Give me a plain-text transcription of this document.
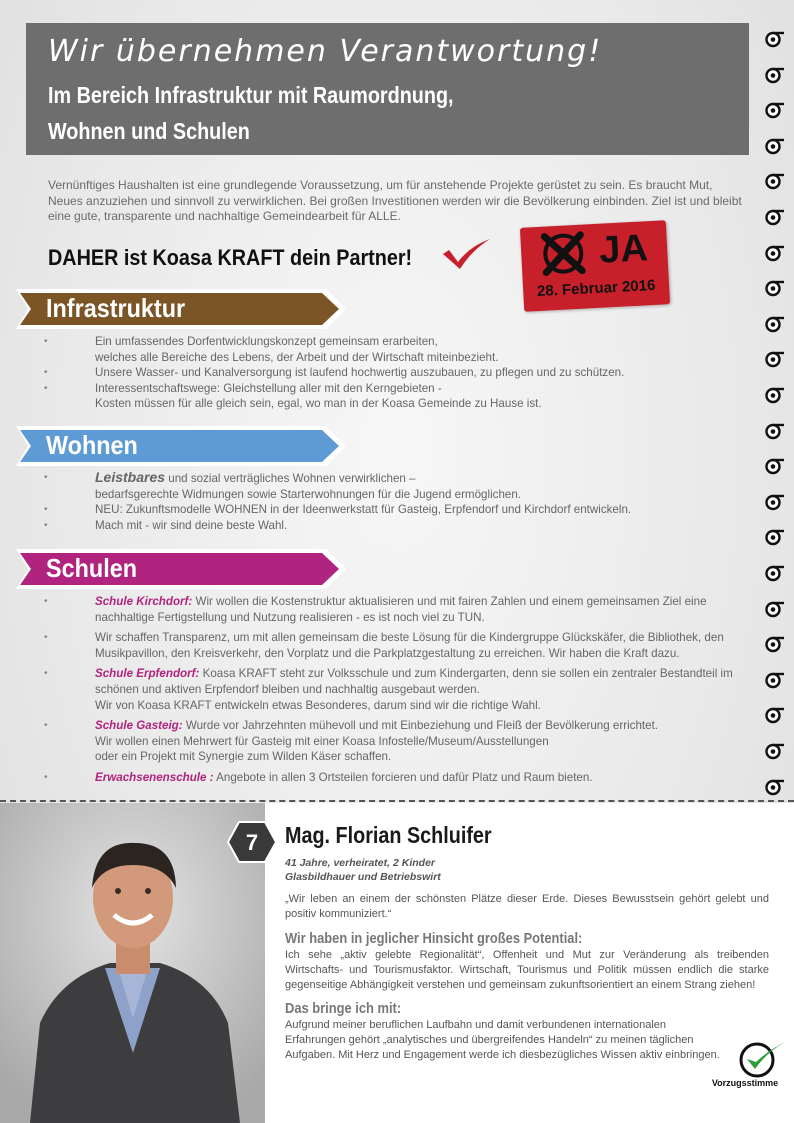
Wir übernehmen Verantwortung!
Im Bereich Infrastruktur mit Raumordnung,
Wohnen und Schulen

Vernünftiges Haushalten ist eine grundlegende Voraussetzung, um für anstehende Projekte gerüstet zu sein. Es braucht Mut, Neues anzuziehen und sinnvoll zu verwirklichen. Bei großen Investitionen werden wir die Bevölkerung einbinden. Ziel ist und bleibt eine gute, transparente und nachhaltige Gemeindearbeit für ALLE.

DAHER ist Koasa KRAFT dein Partner!	JA
28. Februar 2016
Infrastruktur
• Ein umfassendes Dorfentwicklungskonzept gemeinsam erarbeiten,
welches alle Bereiche des Lebens, der Arbeit und der Wirtschaft miteinbezieht.
• Unsere Wasser- und Kanalversorgung ist laufend hochwertig auszubauen, zu pflegen und zu schützen.
• Interessentschaftswege: Gleichstellung aller mit den Kerngebieten -
Kosten müssen für alle gleich sein, egal, wo man in der Koasa Gemeinde zu Hause ist.
Wohnen
• Leistbares und sozial verträgliches Wohnen verwirklichen –
bedarfsgerechte Widmungen sowie Starterwohnungen für die Jugend ermöglichen.
• NEU: Zukunftsmodelle WOHNEN in der Ideenwerkstatt für Gasteig, Erpfendorf und Kirchdorf entwickeln.
• Mach mit - wir sind deine beste Wahl.
Schulen
• Schule Kirchdorf: Wir wollen die Kostenstruktur aktualisieren und mit fairen Zahlen und einem gemeinsamen Ziel eine nachhaltige Fertigstellung und Nutzung realisieren - es ist noch viel zu TUN.
• Wir schaffen Transparenz, um mit allen gemeinsam die beste Lösung für die Kindergruppe Glückskäfer, die Bibliothek, den Musikpavillon, den Kreisverkehr, den Vorplatz und die Parkplatzgestaltung zu erreichen. Wir haben die Kraft dazu.
• Schule Erpfendorf: Koasa KRAFT steht zur Volksschule und zum Kindergarten, denn sie sollen ein zentraler Bestandteil im schönen und aktiven Erpfendorf bleiben und nachhaltig ausgebaut werden.
Wir von Koasa KRAFT entwickeln etwas Besonderes, darum sind wir die richtige Wahl.
• Schule Gasteig: Wurde vor Jahrzehnten mühevoll und mit Einbeziehung und Fleiß der Bevölkerung errichtet.
Wir wollen einen Mehrwert für Gasteig mit einer Koasa Infostelle/Museum/Ausstellungen
oder ein Projekt mit Synergie zum Wilden Käser schaffen.
• Erwachsenenschule : Angebote in allen 3 Ortsteilen forcieren und dafür Platz und Raum bieten.
7 Mag. Florian Schluifer
41 Jahre, verheiratet, 2 Kinder
Glasbildhauer und Betriebswirt

„Wir leben an einem der schönsten Plätze dieser Erde. Dieses Bewusstsein gehört gelebt und positiv kommuniziert.“

Wir haben in jeglicher Hinsicht großes Potential:

Ich sehe „aktiv gelebte Regionalität“, Offenheit und Mut zur Veränderung als treibenden Wirtschafts- und Tourismusfaktor. Wirtschaft, Tourismus und Politik müssen endlich die starke gegenseitige Abhängigkeit verstehen und gemeinsam zukunftsorientiert an einem Strang ziehen!

Das bringe ich mit:

Aufgrund meiner beruflichen Laufbahn und damit verbundenen internationalen Erfahrungen gehört „analytisches und übergreifendes Handeln“ zu meinen täglichen Aufgaben. Mit Herz und Engagement werde ich diesbezügliches Wissen aktiv einbringen.

Vorzugsstimme
